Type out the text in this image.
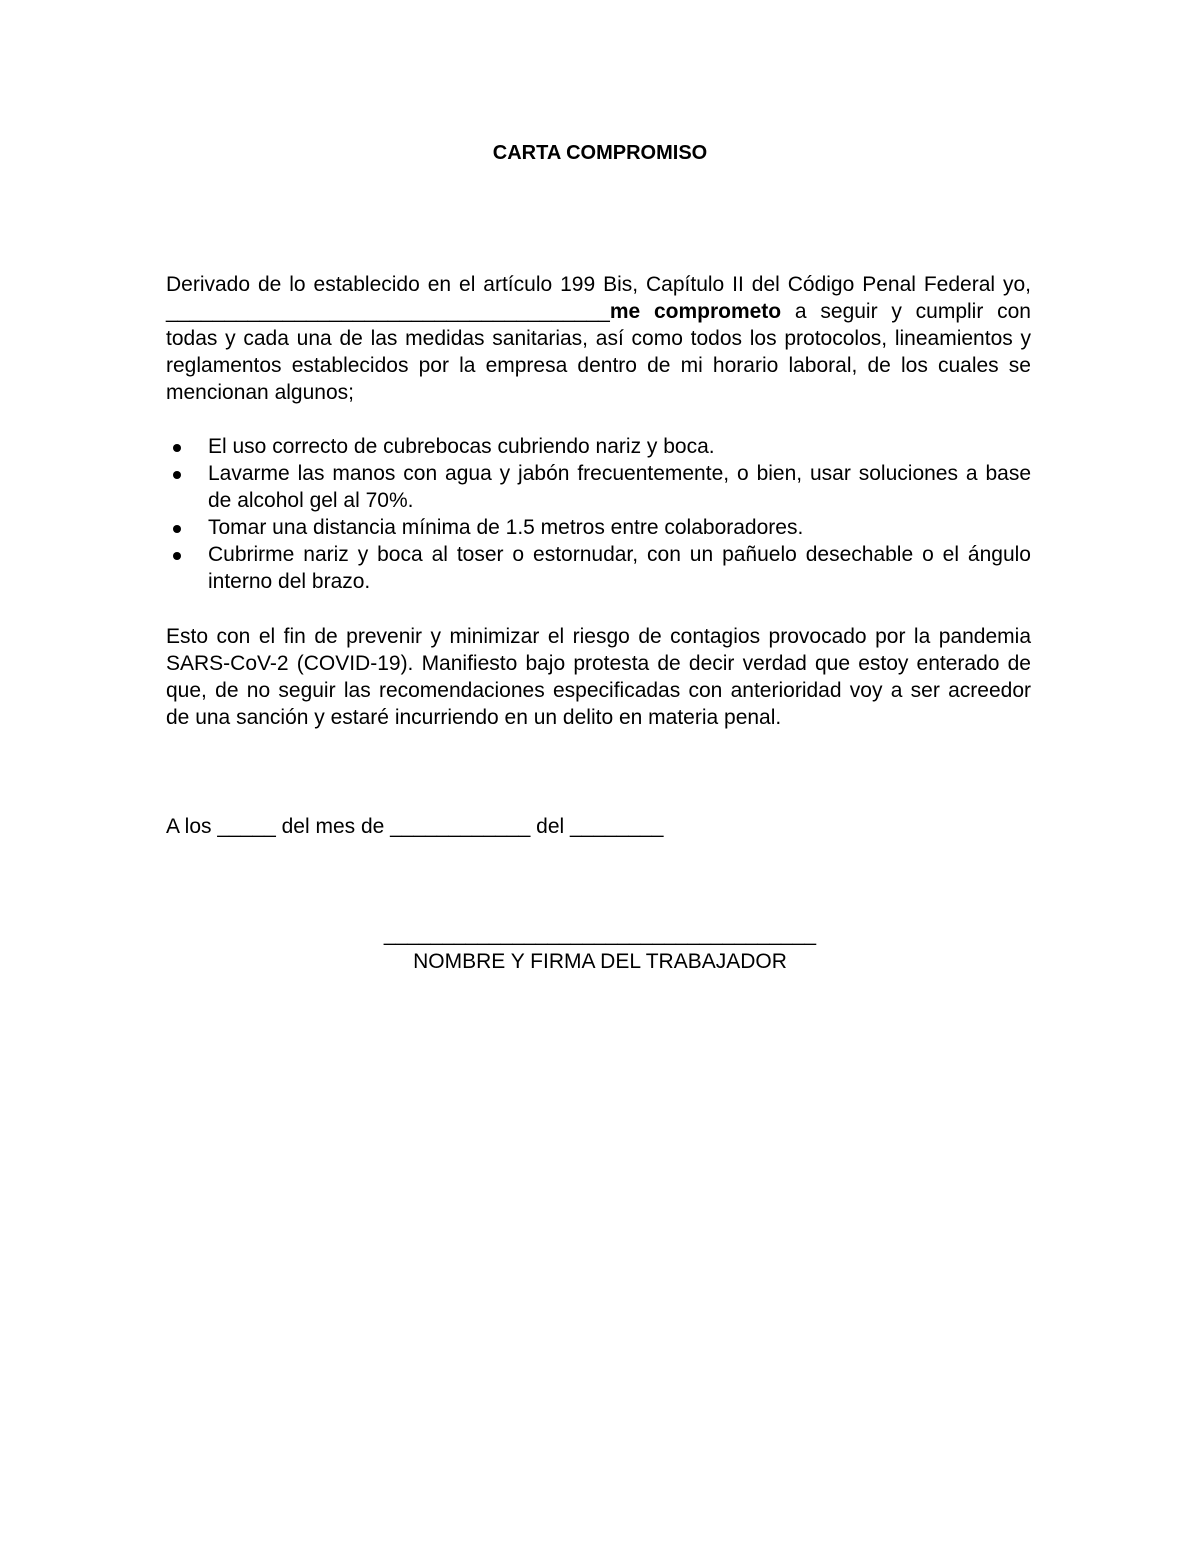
CARTA COMPROMISO
Derivado de lo establecido en el artículo 199 Bis, Capítulo II del Código Penal Federal yo, ______________________________________me comprometo a seguir y cumplir con todas y cada una de las medidas sanitarias, así como todos los protocolos, lineamientos y reglamentos establecidos por la empresa dentro de mi horario laboral, de los cuales se mencionan algunos;
El uso correcto de cubrebocas cubriendo nariz y boca.
Lavarme las manos con agua y jabón frecuentemente, o bien, usar soluciones a base de alcohol gel al 70%.
Tomar una distancia mínima de 1.5 metros entre colaboradores.
Cubrirme nariz y boca al toser o estornudar, con un pañuelo desechable o el ángulo interno del brazo.
Esto con el fin de prevenir y minimizar el riesgo de contagios provocado por la pandemia SARS-CoV-2 (COVID-19). Manifiesto bajo protesta de decir verdad que estoy enterado de que, de no seguir las recomendaciones especificadas con anterioridad voy a ser acreedor de una sanción y estaré incurriendo en un delito en materia penal.
A los _____ del mes de ____________ del ________
_____________________________________
NOMBRE Y FIRMA DEL TRABAJADOR
